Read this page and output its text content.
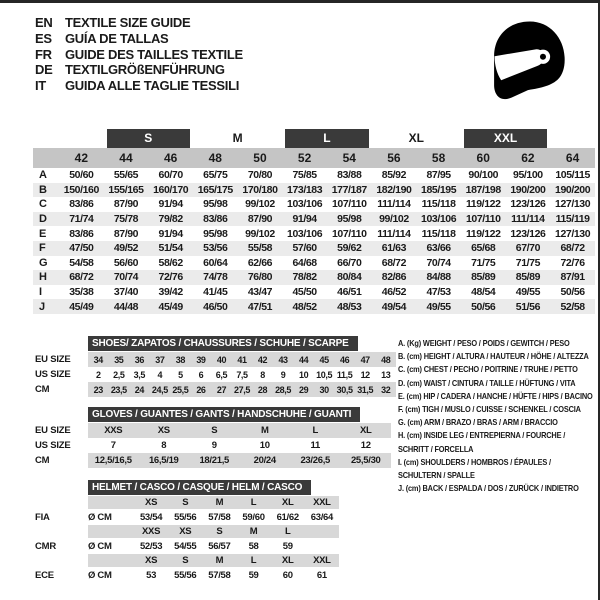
EN TEXTILE SIZE GUIDE
ES	GUÍA DE TALLAS
FR	GUIDE DES TAILLES TEXTILE
DE TEXTILGRÖßENFÜHRUNG
IT	GUIDA ALLE TAGLIE TESSILI

		S		M		L		XL		XXL		

	42	44	46	48	50	52	54	56	58	60	62	64
A	50/60	55/65	60/70	65/75	70/80	75/85	83/88	85/92	87/95	90/100	95/100	105/115
B	150/160	155/165	160/170	165/175	170/180	173/183	177/187	182/190	185/195	187/198	190/200	190/200
C	83/86	87/90	91/94	95/98	99/102	103/106	107/110	111/114	115/118	119/122	123/126	127/130
D	71/74	75/78	79/82	83/86	87/90	91/94	95/98	99/102	103/106	107/110	111/114	115/119
E	83/86	87/90	91/94	95/98	99/102	103/106	107/110	111/114	115/118	119/122	123/126	127/130
F	47/50	49/52	51/54	53/56	55/58	57/60	59/62	61/63	63/66	65/68	67/70	68/72
G	54/58	56/60	58/62	60/64	62/66	64/68	66/70	68/72	70/74	71/75	71/75	72/76
H	68/72	70/74	72/76	74/78	76/80	78/82	80/84	82/86	84/88	85/89	85/89	87/91
I	35/38	37/40	39/42	41/45	43/47	45/50	46/51	46/52	47/53	48/54	49/55	50/56
J	45/49	44/48	45/49	46/50	47/51	48/52	48/53	49/54	49/55	50/56	51/56	52/58
SHOES/ ZAPATOS / CHAUSSURES / SCHUHE / SCARPE
EU SIZE	34	35	36	37	38	39	40	41	42	43	44	45	46	47	48
US SIZE	2	2,5	3,5	4	5	6	6,5	7,5	8	9	10	10,5	11,5	12	13
CM	23	23,5	24	24,5	25,5	26	27	27,5	28	28,5	29	30	30,5	31,5	32
GLOVES / GUANTES / GANTS / HANDSCHUHE / GUANTI
EU SIZE	XXS	XS	S	M	L	XL
US SIZE	7	8	9	10	11	12
CM	12,5/16,5	16,5/19	18/21,5	20/24	23/26,5	25,5/30
HELMET / CASCO / CASQUE / HELM / CASCO
		XS	S	M	L	XL	XXL
FIA	Ø CM	53/54	55/56	57/58	59/60	61/62	63/64
		XXS	XS	S	M	L	
CMR	Ø CM	52/53	54/55	56/57	58	59	
		XS	S	M	L	XL	XXL
ECE	Ø CM	53	55/56	57/58	59	60	61
A. (Kg) WEIGHT / PESO / POIDS / GEWITCH / PESO
B. (cm) HEIGHT / ALTURA / HAUTEUR / HÖHE / ALTEZZA
C. (cm) CHEST / PECHO / POITRINE / TRUHE / PETTO
D. (cm) WAIST / CINTURA / TAILLE / HÜFTUNG / VITA
E. (cm) HIP / CADERA / HANCHE / HÜFTE / HIPS / BACINO
F. (cm) TIGH / MUSLO / CUISSE / SCHENKEL / COSCIA
G. (cm) ARM / BRAZO / BRAS / ARM / BRACCIO
H. (cm) INSIDE LEG / ENTREPIERNA / FOURCHE /
SCHRITT / FORCELLA
I. (cm) SHOULDERS / HOMBROS / ÉPAULES /
SCHULTERN / SPALLE
J. (cm) BACK / ESPALDA / DOS / ZURÜCK / INDIETRO
